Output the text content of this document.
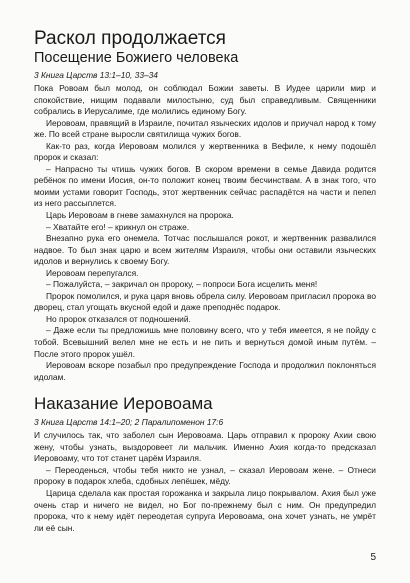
Раскол продолжается
Посещение Божиего человека
3 Книга Царств 13:1–10, 33–34

Пока Ровоам был молод, он соблюдал Божии заветы. В Иудее царили мир и спокойствие, нищим подавали милостыню, суд был справедливым. Священники собрались в Иерусалиме, где молились единому Богу.

Иеровоам, правящий в Израиле, почитал языческих идолов и приучал народ к тому же. По всей стране выросли святилища чужих богов.

Как-то раз, когда Иеровоам молился у жертвенника в Вефиле, к нему подошёл пророк и сказал:

– Напрасно ты чтишь чужих богов. В скором времени в семье Давида родится ребёнок по имени Иосия, он-то положит конец твоим бесчинствам. А в знак того, что моими устами говорит Господь, этот жертвенник сейчас распадётся на части и пепел из него рассыплется.

Царь Иеровоам в гневе замахнулся на пророка.

– Хватайте его! – крикнул он страже.

Внезапно рука его онемела. Тотчас послышался рокот, и жертвенник развалился надвое. То был знак царю и всем жителям Израиля, чтобы они оставили языческих идолов и вернулись к своему Богу.

Иеровоам перепугался.

– Пожалуйста, – закричал он пророку, – попроси Бога исцелить меня!

Пророк помолился, и рука царя вновь обрела силу. Иеровоам пригласил пророка во дворец, стал угощать вкусной едой и даже преподнёс подарок.

Но пророк отказался от подношений.

– Даже если ты предложишь мне половину всего, что у тебя имеется, я не пойду с тобой. Всевышний велел мне не есть и не пить и вернуться домой иным путём. – После этого пророк ушёл.

Иеровоам вскоре позабыл про предупреждение Господа и продолжил поклоняться идолам.

Наказание Иеровоама
3 Книга Царств 14:1–20; 2 Паралипоменон 17:6

И случилось так, что заболел сын Иеровоама. Царь отправил к пророку Ахии свою жену, чтобы узнать, выздоровеет ли мальчик. Именно Ахия когда-то предсказал Иеровоаму, что тот станет царём Израиля.

– Переоденься, чтобы тебя никто не узнал, – сказал Иеровоам жене. – Отнеси пророку в подарок хлеба, сдобных лепёшек, мёду.

Царица сделала как простая горожанка и закрыла лицо покрывалом. Ахия был уже очень стар и ничего не видел, но Бог по-прежнему был с ним. Он предупредил пророка, что к нему идёт переодетая супруга Иеровоама, она хочет узнать, не умрёт ли её сын.

5
